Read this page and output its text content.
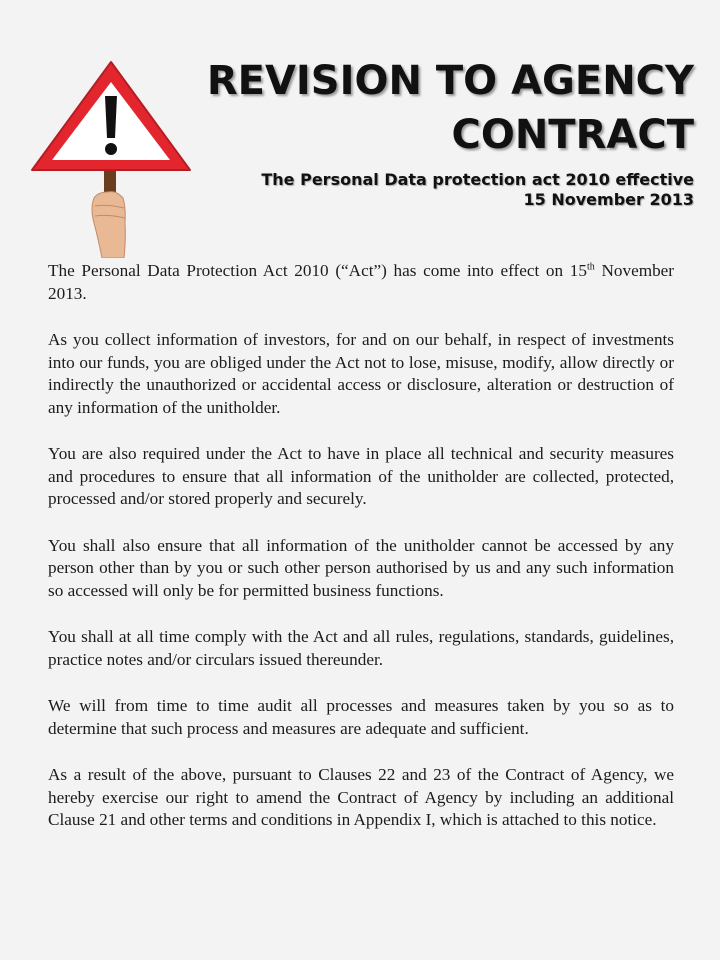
REVISION TO AGENCY
CONTRACT
The Personal Data protection act 2010 effective
15 November 2013

The Personal Data Protection Act 2010 (“Act”) has come into effect on 15th November 2013.

As you collect information of investors, for and on our behalf, in respect of investments into our funds, you are obliged under the Act not to lose, misuse, modify, allow directly or indirectly the unauthorized or accidental access or disclosure, alteration or destruction of any information of the unitholder.

You are also required under the Act to have in place all technical and security measures and procedures to ensure that all information of the unitholder are collected, protected, processed and/or stored properly and securely.

You shall also ensure that all information of the unitholder cannot be accessed by any person other than by you or such other person authorised by us and any such information so accessed will only be for permitted business functions.

You shall at all time comply with the Act and all rules, regulations, standards, guidelines, practice notes and/or circulars issued thereunder.

We will from time to time audit all processes and measures taken by you so as to determine that such process and measures are adequate and sufficient.

As a result of the above, pursuant to Clauses 22 and 23 of the Contract of Agency, we hereby exercise our right to amend the Contract of Agency by including an additional Clause 21 and other terms and conditions in Appendix I, which is attached to this notice.
